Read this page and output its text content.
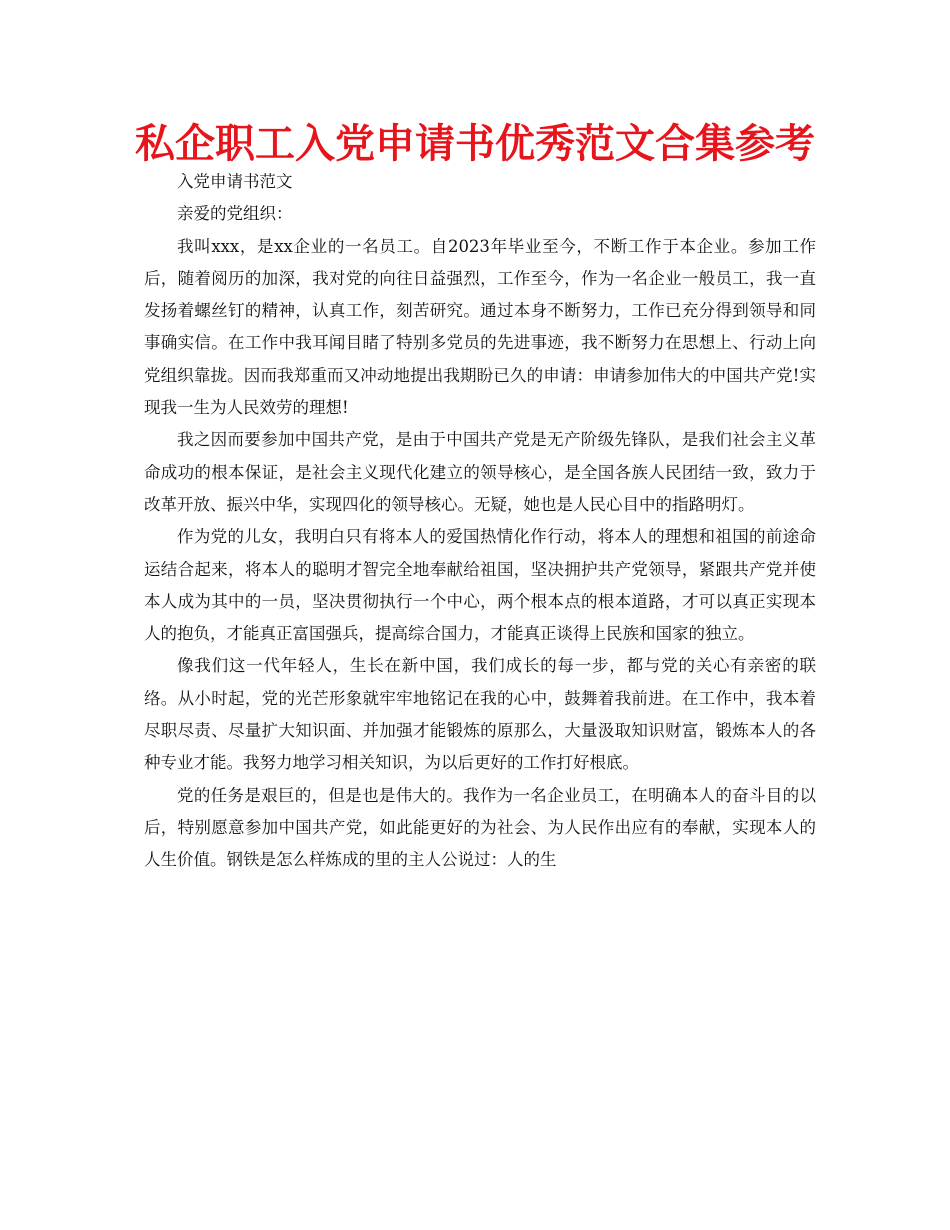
私企职工入党申请书优秀范文合集参考

入党申请书范文

亲爱的党组织：

我叫xxx，是xx企业的一名员工。自2023年毕业至今，不断工作于本企业。参加工作后，随着阅历的加深，我对党的向往日益强烈，工作至今，作为一名企业一般员工，我一直发扬着螺丝钉的精神，认真工作，刻苦研究。通过本身不断努力，工作已充分得到领导和同事确实信。在工作中我耳闻目睹了特别多党员的先进事迹，我不断努力在思想上、行动上向党组织靠拢。因而我郑重而又冲动地提出我期盼已久的申请：申请参加伟大的中国共产党!实现我一生为人民效劳的理想!

我之因而要参加中国共产党，是由于中国共产党是无产阶级先锋队，是我们社会主义革命成功的根本保证，是社会主义现代化建立的领导核心，是全国各族人民团结一致，致力于改革开放、振兴中华，实现四化的领导核心。无疑，她也是人民心目中的指路明灯。

作为党的儿女，我明白只有将本人的爱国热情化作行动，将本人的理想和祖国的前途命运结合起来，将本人的聪明才智完全地奉献给祖国，坚决拥护共产党领导，紧跟共产党并使本人成为其中的一员，坚决贯彻执行一个中心，两个根本点的根本道路，才可以真正实现本人的抱负，才能真正富国强兵，提高综合国力，才能真正谈得上民族和国家的独立。

像我们这一代年轻人，生长在新中国，我们成长的每一步，都与党的关心有亲密的联络。从小时起，党的光芒形象就牢牢地铭记在我的心中，鼓舞着我前进。在工作中，我本着尽职尽责、尽量扩大知识面、并加强才能锻炼的原那么，大量汲取知识财富，锻炼本人的各种专业才能。我努力地学习相关知识，为以后更好的工作打好根底。

党的任务是艰巨的，但是也是伟大的。我作为一名企业员工，在明确本人的奋斗目的以后，特别愿意参加中国共产党，如此能更好的为社会、为人民作出应有的奉献，实现本人的人生价值。钢铁是怎么样炼成的里的主人公说过：人的生
